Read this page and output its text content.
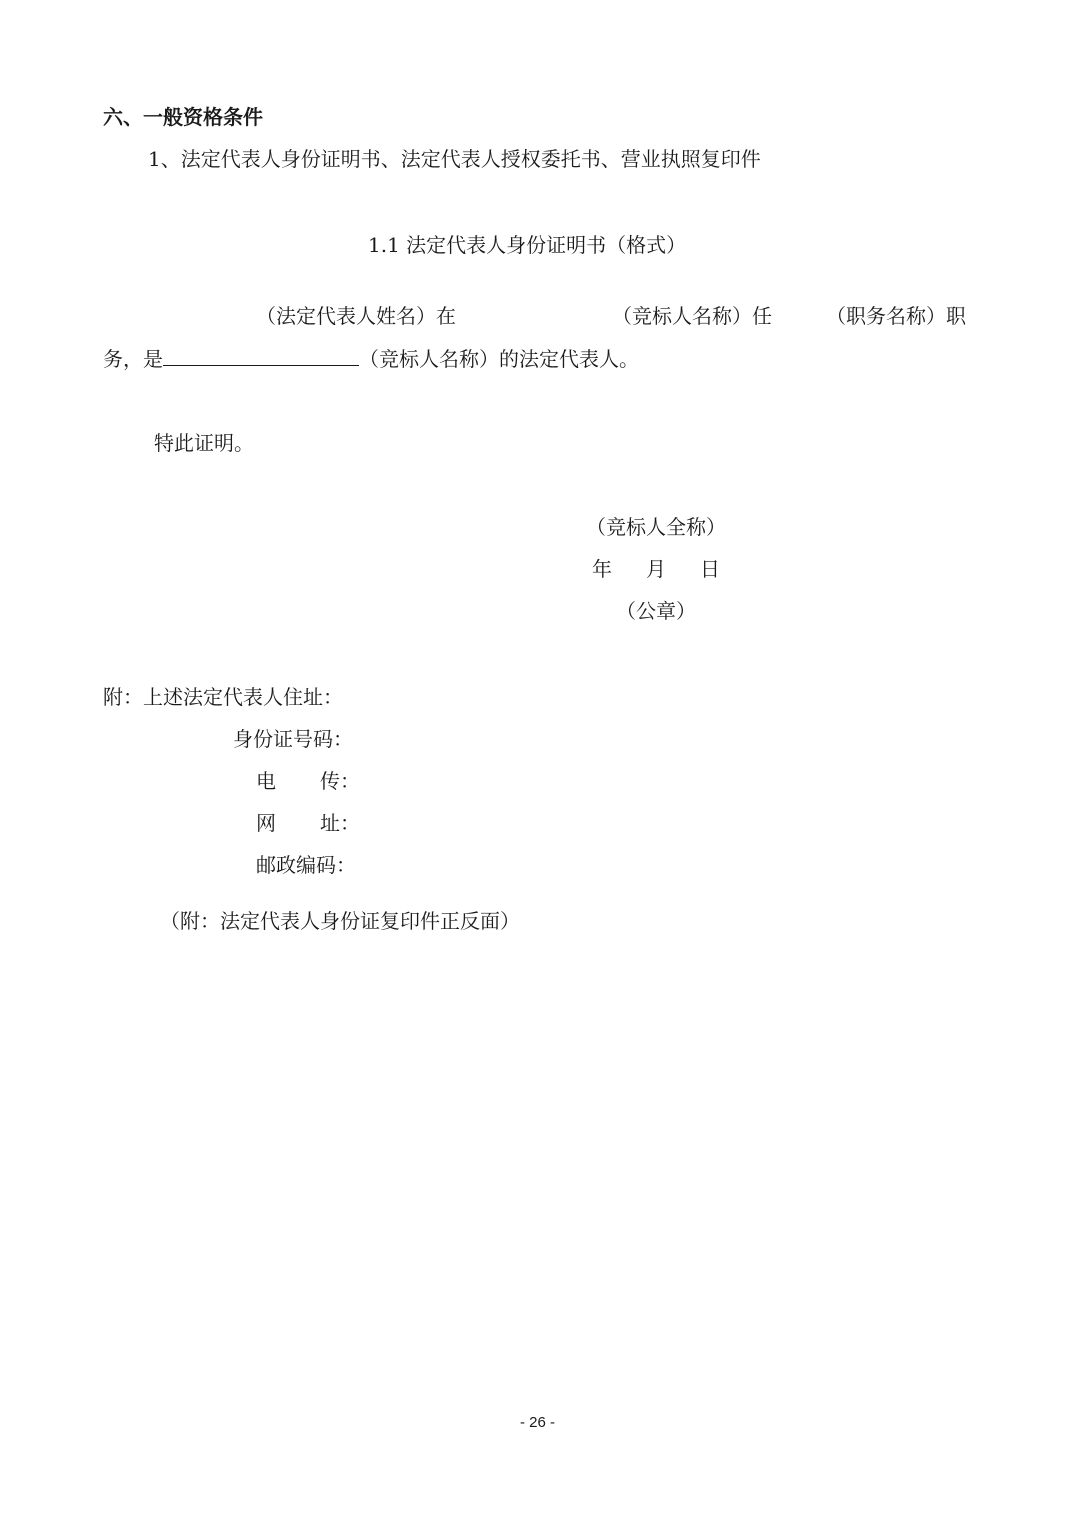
六、一般资格条件
1、法定代表人身份证明书、法定代表人授权委托书、营业执照复印件
1.1 法定代表人身份证明书（格式）
（法定代表人姓名）在	（竞标人名称）任	（职务名称）职
务，是	（竞标人名称）的法定代表人。
特此证明。
（竞标人全称）
年 月 日
（公章）
附：上述法定代表人住址：
身份证号码：
电 传：
网 址：
邮政编码：
（附：法定代表人身份证复印件正反面）
- 26 -
